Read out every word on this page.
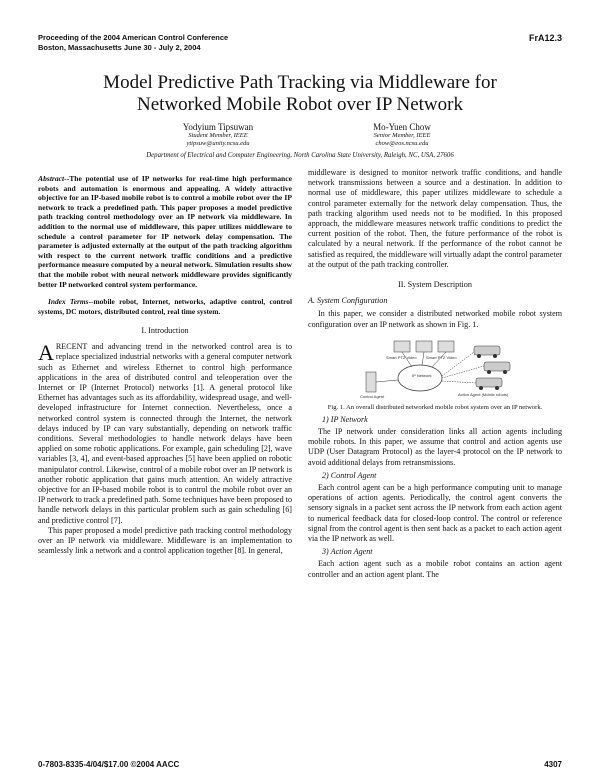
Proceeding of the 2004 American Control Conference
Boston, Massachusetts June 30 - July 2, 2004
FrA12.3
Model Predictive Path Tracking via Middleware for
Networked Mobile Robot over IP Network
Yodyium Tipsuwan
Student Member, IEEE
ytipsuw@unity.ncsu.edu
Mo-Yuen Chow
Senior Member, IEEE
chow@eos.ncsu.edu
Department of Electrical and Computer Engineering, North Carolina State University, Raleigh, NC, USA, 27606

Abstract--The potential use of IP networks for real-time high performance robots and automation is enormous and appealing. A widely attractive objective for an IP-based mobile robot is to control a mobile robot over the IP network to track a predefined path. This paper proposes a model predictive path tracking control methodology over an IP network via middleware. In addition to the normal use of middleware, this paper utilizes middleware to schedule a control parameter for IP network delay compensation. The parameter is adjusted externally at the output of the path tracking algorithm with respect to the current network traffic conditions and a predictive performance measure computed by a neural network. Simulation results show that the mobile robot with neural network middleware provides significantly better IP networked control system performance.

Index Terms--mobile robot, Internet, networks, adaptive control, control systems, DC motors, distributed control, real time system.

I. Introduction

ARECENT and advancing trend in the networked control area is to replace specialized industrial networks with a general computer network such as Ethernet and wireless Ethernet to control high performance applications in the area of distributed control and teleoperation over the Internet or IP (Internet Protocol) networks [1]. A general protocol like Ethernet has advantages such as its affordability, widespread usage, and well-developed infrastructure for Internet connection. Nevertheless, once a networked control system is connected through the Internet, the network delays induced by IP can vary substantially, depending on network traffic conditions. Several methodologies to handle network delays have been applied on some robotic applications. For example, gain scheduling [2], wave variables [3, 4], and event-based approaches [5] have been applied on robotic manipulator control. Likewise, control of a mobile robot over an IP network is another robotic application that gains much attention. An widely attractive objective for an IP-based mobile robot is to control the mobile robot over an IP network to track a predefined path. Some techniques have been proposed to handle network delays in this particular problem such as gain scheduling [6] and predictive control [7].

This paper proposed a model predictive path tracking control methodology over an IP network via middleware. Middleware is an implementation to seamlessly link a network and a control application together [8]. In general,

middleware is designed to monitor network traffic conditions, and handle network transmissions between a source and a destination. In addition to normal use of middleware, this paper utilizes middleware to schedule a control parameter externally for the network delay compensation. Thus, the path tracking algorithm used needs not to be modified. In this proposed approach, the middleware measures network traffic conditions to predict the current position of the robot. Then, the future performance of the robot is calculated by a neural network. If the performance of the robot cannot be satisfied as required, the middleware will virtually adapt the control parameter at the output of the path tracking controller.

II. System Description

A. System Configuration

In this paper, we consider a distributed networked mobile robot system configuration over an IP network as shown in Fig. 1.

IP Network
Smart PTZ Video Smart PTZ Video
Action Agent (Mobile robots)
Control Agent

Fig. 1. An overall distributed networked mobile robot system over an IP network.

1) IP Network

The IP network under consideration links all action agents including mobile robots. In this paper, we assume that control and action agents use UDP (User Datagram Protocol) as the layer-4 protocol on the IP network to avoid additional delays from retransmissions.

2) Control Agent

Each control agent can be a high performance computing unit to manage operations of action agents. Periodically, the control agent converts the sensory signals in a packet sent across the IP network from each action agent to numerical feedback data for closed-loop control. The control or reference signal from the control agent is then sent back as a packet to each action agent via the IP network as well.

3) Action Agent

Each action agent such as a mobile robot contains an action agent controller and an action agent plant. The

0-7803-8335-4/04/$17.00 ©2004 AACC	4307
